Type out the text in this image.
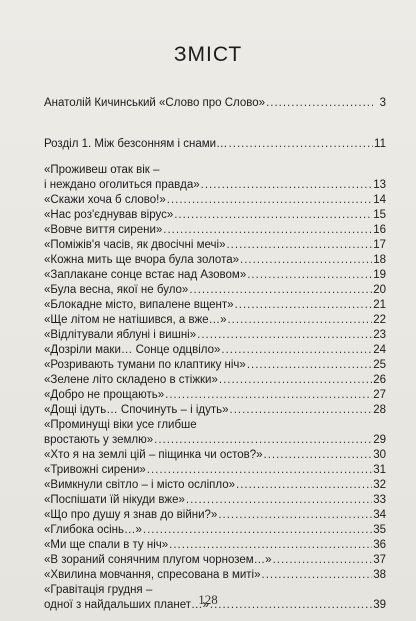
ЗМІСТ
Анатолій Кичинський «Слово про Слово» .....	3
Розділ 1. Між безсонням і снами… .....	11
«Проживеш отак вік –
і неждано оголиться правда» .....	13
«Скажи хоча б слово!» .....	14
«Нас роз'єднував вірус» .....	15
«Вовче виття сирени» .....	16
«Поміжів'я часів, як двосічні мечі» .....	17
«Кожна мить ще вчора була золота» .....	18
«Заплакане сонце встає над Азовом» .....	19
«Була весна, якої не було» .....	20
«Блокадне місто, випалене вщент» .....	21
«Ще літом не натішився, а вже…» .....	22
«Відлітували яблуні і вишні» .....	23
«Дозріли маки… Сонце одцвіло» .....	24
«Розривають тумани по клаптику ніч» .....	25
«Зелене літо складено в стіжки» .....	26
«Добро не прощають» .....	27
«Дощі ідуть… Спочинуть – і ідуть» .....	28
«Проминущі віки усе глибше
вростають у землю» .....	29
«Хто я на землі цій – піщинка чи остов?» .....	30
«Тривожні сирени» .....	31
«Вимкнули світло – і місто осліпло» .....	32
«Поспішати їй нікуди вже» .....	33
«Що про душу я знав до війни?» .....	34
«Глибока осінь…» .....	35
«Ми ще спали в ту ніч» .....	36
«В зораний сонячним плугом чорнозем…» .....	37
«Хвилина мовчання, спресована в миті» .....	38
«Гравітація грудня –
одної з найдальших планет…» .....	39
128
